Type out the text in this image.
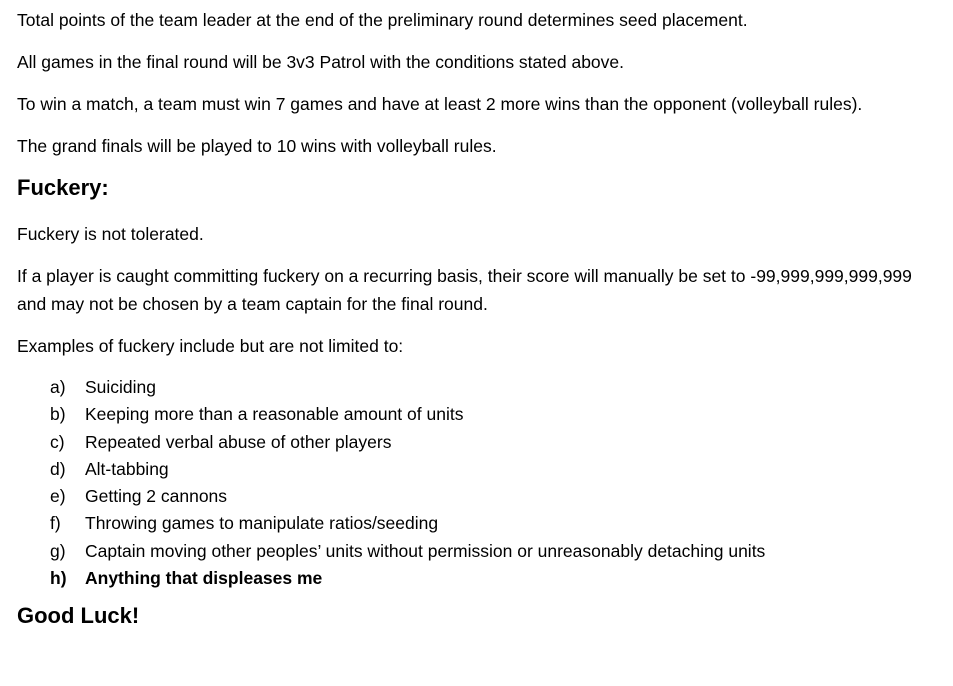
Total points of the team leader at the end of the preliminary round determines seed placement.

All games in the final round will be 3v3 Patrol with the conditions stated above.

To win a match, a team must win 7 games and have at least 2 more wins than the opponent (volleyball rules).

The grand finals will be played to 10 wins with volleyball rules.

Fuckery:

Fuckery is not tolerated.

If a player is caught committing fuckery on a recurring basis, their score will manually be set to -99,999,999,999,999 and may not be chosen by a team captain for the final round.

Examples of fuckery include but are not limited to:

a)	Suiciding
b)	Keeping more than a reasonable amount of units
c)	Repeated verbal abuse of other players
d)	Alt-tabbing
e)	Getting 2 cannons
f)	Throwing games to manipulate ratios/seeding
g)	Captain moving other peoples’ units without permission or unreasonably detaching units
h)	Anything that displeases me
Good Luck!
